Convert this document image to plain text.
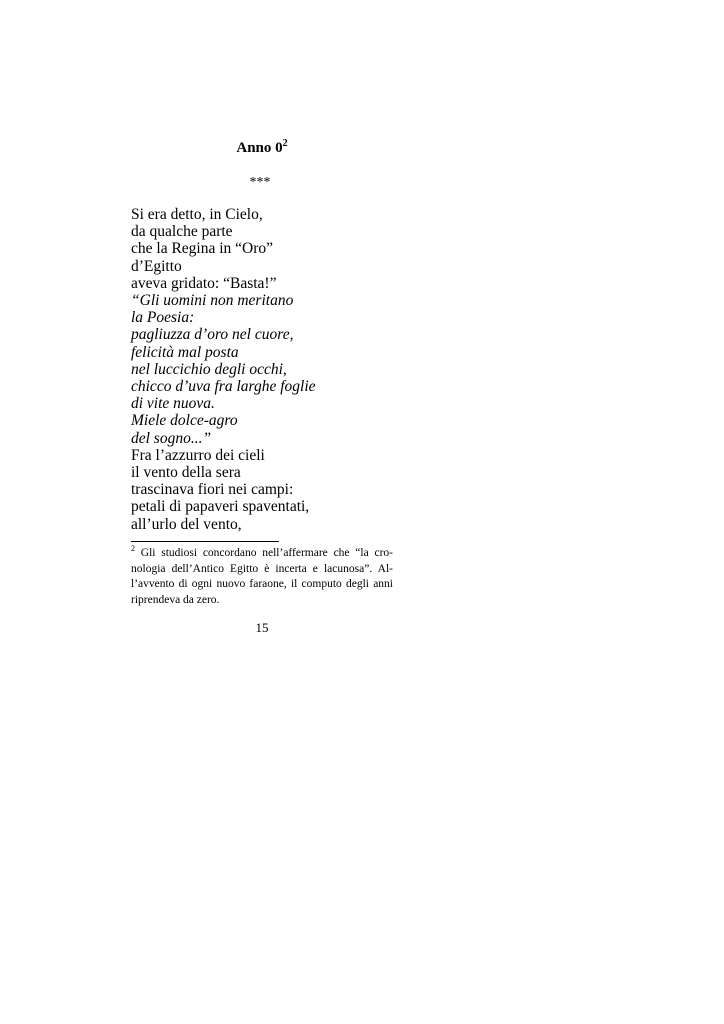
Anno $0^2$
***
Si era detto, in Cielo,
da qualche parte
che la Regina in “Oro”
d’Egitto
aveva gridato: “Basta!”
“Gli uomini non meritano
la Poesia:
pagliuzza d’oro nel cuore,
felicità mal posta
nel luccichio degli occhi,
chicco d’uva fra larghe foglie
di vite nuova.
Miele dolce-agro
del sogno...”
Fra l’azzurro dei cieli
il vento della sera
trascinava fiori nei campi:
petali di papaveri spaventati,
all’urlo del vento,
$^2$ Gli studiosi concordano nell’affermare che “la cro-nologia dell’Antico Egitto è incerta e lacunosa”. Al-l’avvento di ogni nuovo faraone, il computo degli anni riprendeva da zero.
15
